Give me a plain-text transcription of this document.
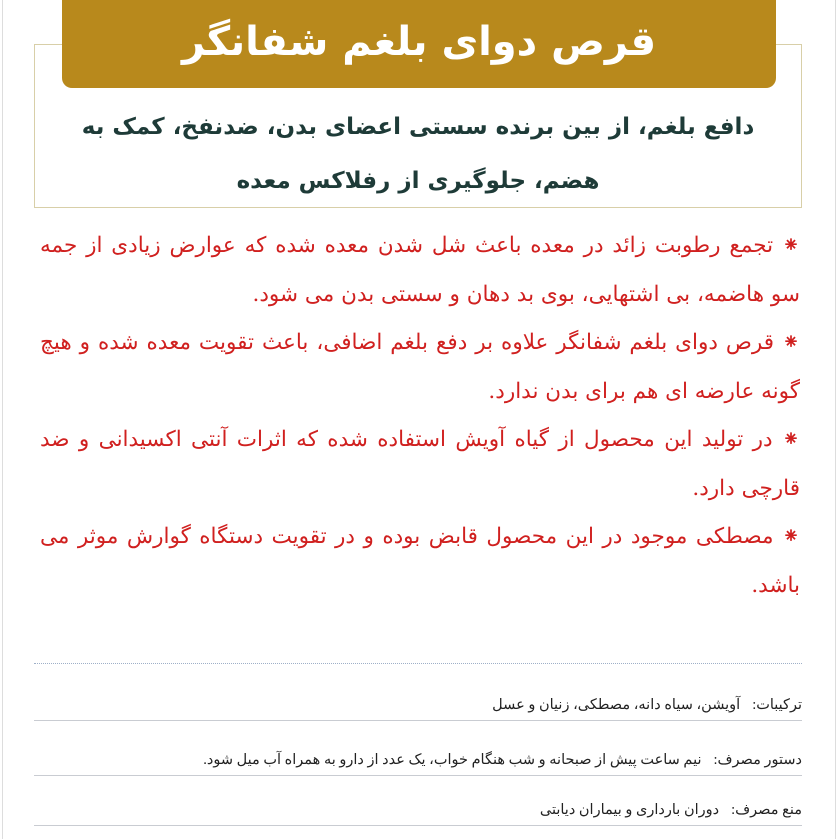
قرص دوای بلغم شفانگر
دافع بلغم، از بین برنده سستی اعضای بدن، ضدنفخ، کمک به هضم، جلوگیری از رفلاکس معده

⁕ تجمع رطوبت زائد در معده باعث شل شدن معده شده که عوارض زیادی از جمه سو هاضمه، بی اشتهایی، بوی بد دهان و سستی بدن می شود.

⁕ قرص دوای بلغم شفانگر علاوه بر دفع بلغم اضافی، باعث تقویت معده شده و هیچ گونه عارضه ای هم برای بدن ندارد.

⁕ در تولید این محصول از گیاه آویش استفاده شده که اثرات آنتی اکسیدانی و ضد قارچی دارد.

⁕ مصطکی موجود در این محصول قابض بوده و در تقویت دستگاه گوارش موثر می باشد.

ترکیبات:آویشن، سیاه دانه، مصطکی، زنیان و عسل
دستور مصرف:نیم ساعت پیش از صبحانه و شب هنگام خواب، یک عدد از دارو به همراه آب میل شود.
منع مصرف:دوران بارداری و بیماران دیابتی
